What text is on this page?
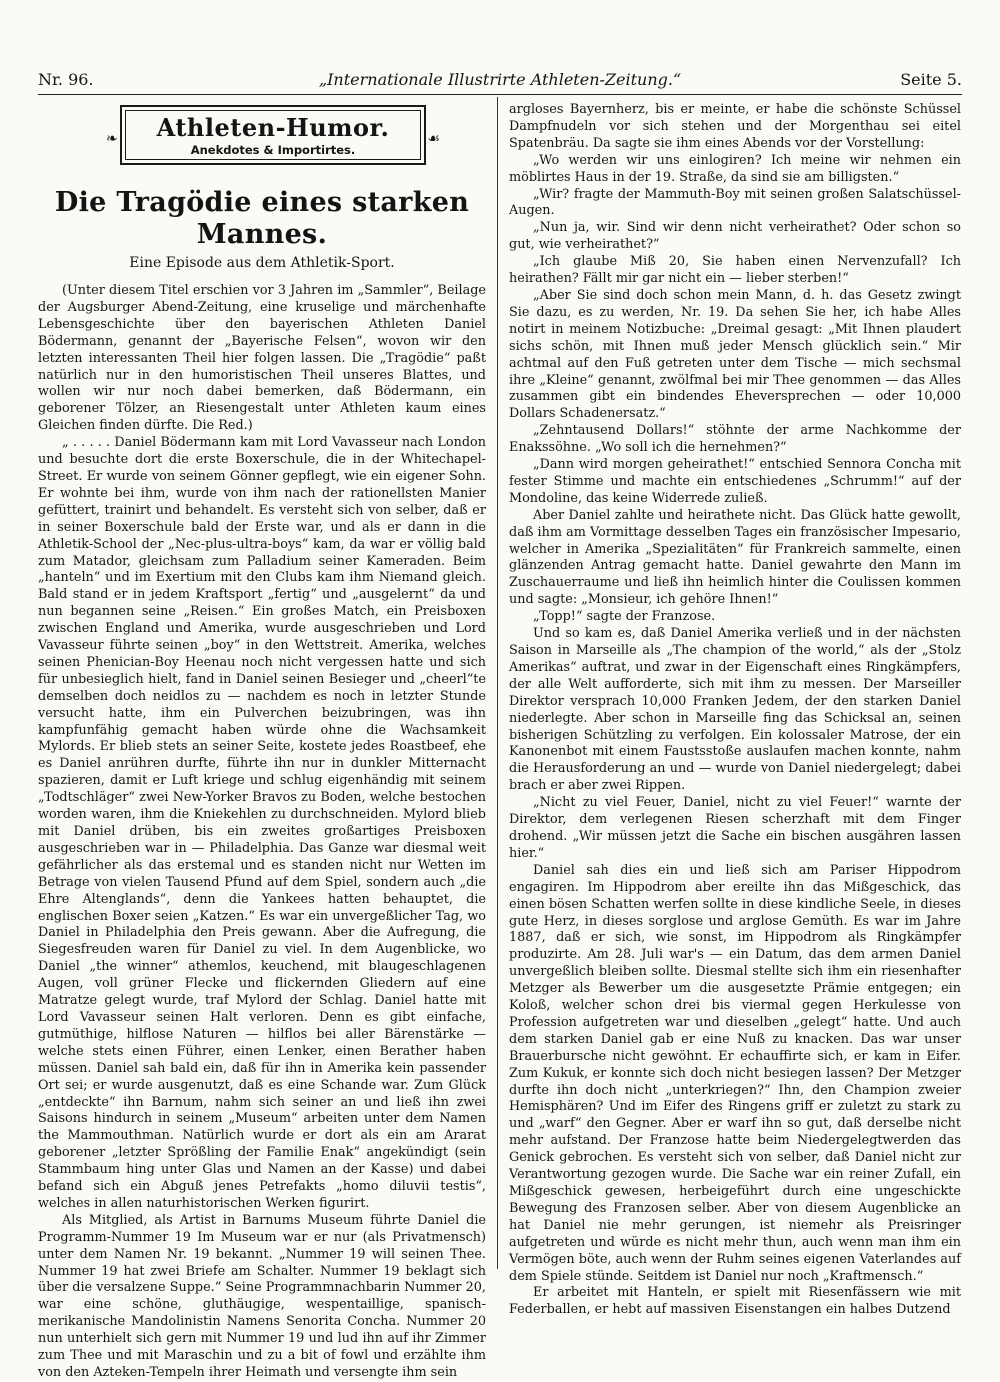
Nr. 96.	„Internationale Illustrirte Athleten-Zeitung.“	Seite 5.
❧	Athleten-Humor.
Anekdotes & Importirtes.
☙
Die Tragödie eines starken Mannes.
Eine Episode aus dem Athletik-Sport.

(Unter diesem Titel erschien vor 3 Jahren im „Sammler“, Beilage der Augsburger Abend-Zeitung, eine kruselige und märchenhafte Lebensgeschichte über den bayerischen Athleten Daniel Bödermann, genannt der „Bayerische Felsen“, wovon wir den letzten interessanten Theil hier folgen lassen. Die „Tragödie“ paßt natürlich nur in den humoristischen Theil unseres Blattes, und wollen wir nur noch dabei bemerken, daß Bödermann, ein geborener Tölzer, an Riesengestalt unter Athleten kaum eines Gleichen finden dürfte. Die Red.)

„ . . . . . Daniel Bödermann kam mit Lord Vavasseur nach London und besuchte dort die erste Boxerschule, die in der Whitechapel-Street. Er wurde von seinem Gönner gepflegt, wie ein eigener Sohn. Er wohnte bei ihm, wurde von ihm nach der rationellsten Manier gefüttert, trainirt und behandelt. Es versteht sich von selber, daß er in seiner Boxerschule bald der Erste war, und als er dann in die Athletik-School der „Nec-plus-ultra-boys“ kam, da war er völlig bald zum Matador, gleichsam zum Palladium seiner Kameraden. Beim „hanteln“ und im Exertium mit den Clubs kam ihm Niemand gleich. Bald stand er in jedem Kraftsport „fertig“ und „ausgelernt“ da und nun begannen seine „Reisen.“ Ein großes Match, ein Preisboxen zwischen England und Amerika, wurde ausgeschrieben und Lord Vavasseur führte seinen „boy“ in den Wettstreit. Amerika, welches seinen Phenician-Boy Heenau noch nicht vergessen hatte und sich für unbesieglich hielt, fand in Daniel seinen Besieger und „cheerl“te demselben doch neidlos zu — nachdem es noch in letzter Stunde versucht hatte, ihm ein Pulverchen beizubringen, was ihn kampfunfähig gemacht haben würde ohne die Wachsamkeit Mylords. Er blieb stets an seiner Seite, kostete jedes Roastbeef, ehe es Daniel anrühren durfte, führte ihn nur in dunkler Mitternacht spazieren, damit er Luft kriege und schlug eigenhändig mit seinem „Todtschläger“ zwei New-Yorker Bravos zu Boden, welche bestochen worden waren, ihm die Kniekehlen zu durchschneiden. Mylord blieb mit Daniel drüben, bis ein zweites großartiges Preisboxen ausgeschrieben war in — Philadelphia. Das Ganze war diesmal weit gefährlicher als das erstemal und es standen nicht nur Wetten im Betrage von vielen Tausend Pfund auf dem Spiel, sondern auch „die Ehre Altenglands“, denn die Yankees hatten behauptet, die englischen Boxer seien „Katzen.“ Es war ein unvergeßlicher Tag, wo Daniel in Philadelphia den Preis gewann. Aber die Aufregung, die Siegesfreuden waren für Daniel zu viel. In dem Augenblicke, wo Daniel „the winner“ athemlos, keuchend, mit blaugeschlagenen Augen, voll grüner Flecke und flickernden Gliedern auf eine Matratze gelegt wurde, traf Mylord der Schlag. Daniel hatte mit Lord Vavasseur seinen Halt verloren. Denn es gibt einfache, gutmüthige, hilflose Naturen — hilflos bei aller Bärenstärke — welche stets einen Führer, einen Lenker, einen Berather haben müssen. Daniel sah bald ein, daß für ihn in Amerika kein passender Ort sei; er wurde ausgenutzt, daß es eine Schande war. Zum Glück „entdeckte“ ihn Barnum, nahm sich seiner an und ließ ihn zwei Saisons hindurch in seinem „Museum“ arbeiten unter dem Namen the Mammouthman. Natürlich wurde er dort als ein am Ararat geborener „letzter Sprößling der Familie Enak“ angekündigt (sein Stammbaum hing unter Glas und Namen an der Kasse) und dabei befand sich ein Abguß jenes Petrefakts „homo diluvii testis“, welches in allen naturhistorischen Werken figurirt.

Als Mitglied, als Artist in Barnums Museum führte Daniel die Programm-Nummer 19 Im Museum war er nur (als Privatmensch) unter dem Namen Nr. 19 bekannt. „Nummer 19 will seinen Thee. Nummer 19 hat zwei Briefe am Schalter. Nummer 19 beklagt sich über die versalzene Suppe.“ Seine Programmnachbarin Nummer 20, war eine schöne, gluthäugige, wespentaillige, spanisch-merikanische Mandolinistin Namens Senorita Concha. Nummer 20 nun unterhielt sich gern mit Nummer 19 und lud ihn auf ihr Zimmer zum Thee und mit Maraschin und zu a bit of fowl und erzählte ihm von den Azteken-Tempeln ihrer Heimath und versengte ihm sein

argloses Bayernherz, bis er meinte, er habe die schönste Schüssel Dampfnudeln vor sich stehen und der Morgenthau sei eitel Spatenbräu. Da sagte sie ihm eines Abends vor der Vorstellung:

„Wo werden wir uns einlogiren? Ich meine wir nehmen ein möblirtes Haus in der 19. Straße, da sind sie am billigsten.“

„Wir? fragte der Mammuth-Boy mit seinen großen Salatschüssel-Augen.

„Nun ja, wir. Sind wir denn nicht verheirathet? Oder schon so gut, wie verheirathet?“

„Ich glaube Miß 20, Sie haben einen Nervenzufall? Ich heirathen? Fällt mir gar nicht ein — lieber sterben!“

„Aber Sie sind doch schon mein Mann, d. h. das Gesetz zwingt Sie dazu, es zu werden, Nr. 19. Da sehen Sie her, ich habe Alles notirt in meinem Notizbuche: „Dreimal gesagt: „Mit Ihnen plaudert sichs schön, mit Ihnen muß jeder Mensch glücklich sein.“ Mir achtmal auf den Fuß getreten unter dem Tische — mich sechsmal ihre „Kleine“ genannt, zwölfmal bei mir Thee genommen — das Alles zusammen gibt ein bindendes Eheversprechen — oder 10,000 Dollars Schadenersatz.“

„Zehntausend Dollars!“ stöhnte der arme Nachkomme der Enakssöhne. „Wo soll ich die hernehmen?“

„Dann wird morgen geheirathet!“ entschied Sennora Concha mit fester Stimme und machte ein entschiedenes „Schrumm!“ auf der Mondoline, das keine Widerrede zuließ.

Aber Daniel zahlte und heirathete nicht. Das Glück hatte gewollt, daß ihm am Vormittage desselben Tages ein französischer Impesario, welcher in Amerika „Spezialitäten“ für Frankreich sammelte, einen glänzenden Antrag gemacht hatte. Daniel gewahrte den Mann im Zuschauerraume und ließ ihn heimlich hinter die Coulissen kommen und sagte: „Monsieur, ich gehöre Ihnen!“

„Topp!“ sagte der Franzose.

Und so kam es, daß Daniel Amerika verließ und in der nächsten Saison in Marseille als „The champion of the world,“ als der „Stolz Amerikas“ auftrat, und zwar in der Eigenschaft eines Ringkämpfers, der alle Welt aufforderte, sich mit ihm zu messen. Der Marseiller Direktor versprach 10,000 Franken Jedem, der den starken Daniel niederlegte. Aber schon in Marseille fing das Schicksal an, seinen bisherigen Schützling zu verfolgen. Ein kolossaler Matrose, der ein Kanonenbot mit einem Faustsstoße auslaufen machen konnte, nahm die Herausforderung an und — wurde von Daniel niedergelegt; dabei brach er aber zwei Rippen.

„Nicht zu viel Feuer, Daniel, nicht zu viel Feuer!“ warnte der Direktor, dem verlegenen Riesen scherzhaft mit dem Finger drohend. „Wir müssen jetzt die Sache ein bischen ausgähren lassen hier.“

Daniel sah dies ein und ließ sich am Pariser Hippodrom engagiren. Im Hippodrom aber ereilte ihn das Mißgeschick, das einen bösen Schatten werfen sollte in diese kindliche Seele, in dieses gute Herz, in dieses sorglose und arglose Gemüth. Es war im Jahre 1887, daß er sich, wie sonst, im Hippodrom als Ringkämpfer produzirte. Am 28. Juli war's — ein Datum, das dem armen Daniel unvergeßlich bleiben sollte. Diesmal stellte sich ihm ein riesenhafter Metzger als Bewerber um die ausgesetzte Prämie entgegen; ein Koloß, welcher schon drei bis viermal gegen Herkulesse von Profession aufgetreten war und dieselben „gelegt“ hatte. Und auch dem starken Daniel gab er eine Nuß zu knacken. Das war unser Brauerbursche nicht gewöhnt. Er echauffirte sich, er kam in Eifer. Zum Kukuk, er konnte sich doch nicht besiegen lassen? Der Metzger durfte ihn doch nicht „unterkriegen?“ Ihn, den Champion zweier Hemisphären? Und im Eifer des Ringens griff er zuletzt zu stark zu und „warf“ den Gegner. Aber er warf ihn so gut, daß derselbe nicht mehr aufstand. Der Franzose hatte beim Niedergelegtwerden das Genick gebrochen. Es versteht sich von selber, daß Daniel nicht zur Verantwortung gezogen wurde. Die Sache war ein reiner Zufall, ein Mißgeschick gewesen, herbeigeführt durch eine ungeschickte Bewegung des Franzosen selber. Aber von diesem Augenblicke an hat Daniel nie mehr gerungen, ist niemehr als Preisringer aufgetreten und würde es nicht mehr thun, auch wenn man ihm ein Vermögen böte, auch wenn der Ruhm seines eigenen Vaterlandes auf dem Spiele stünde. Seitdem ist Daniel nur noch „Kraftmensch.“

Er arbeitet mit Hanteln, er spielt mit Riesenfässern wie mit Federballen, er hebt auf massiven Eisenstangen ein halbes Dutzend
